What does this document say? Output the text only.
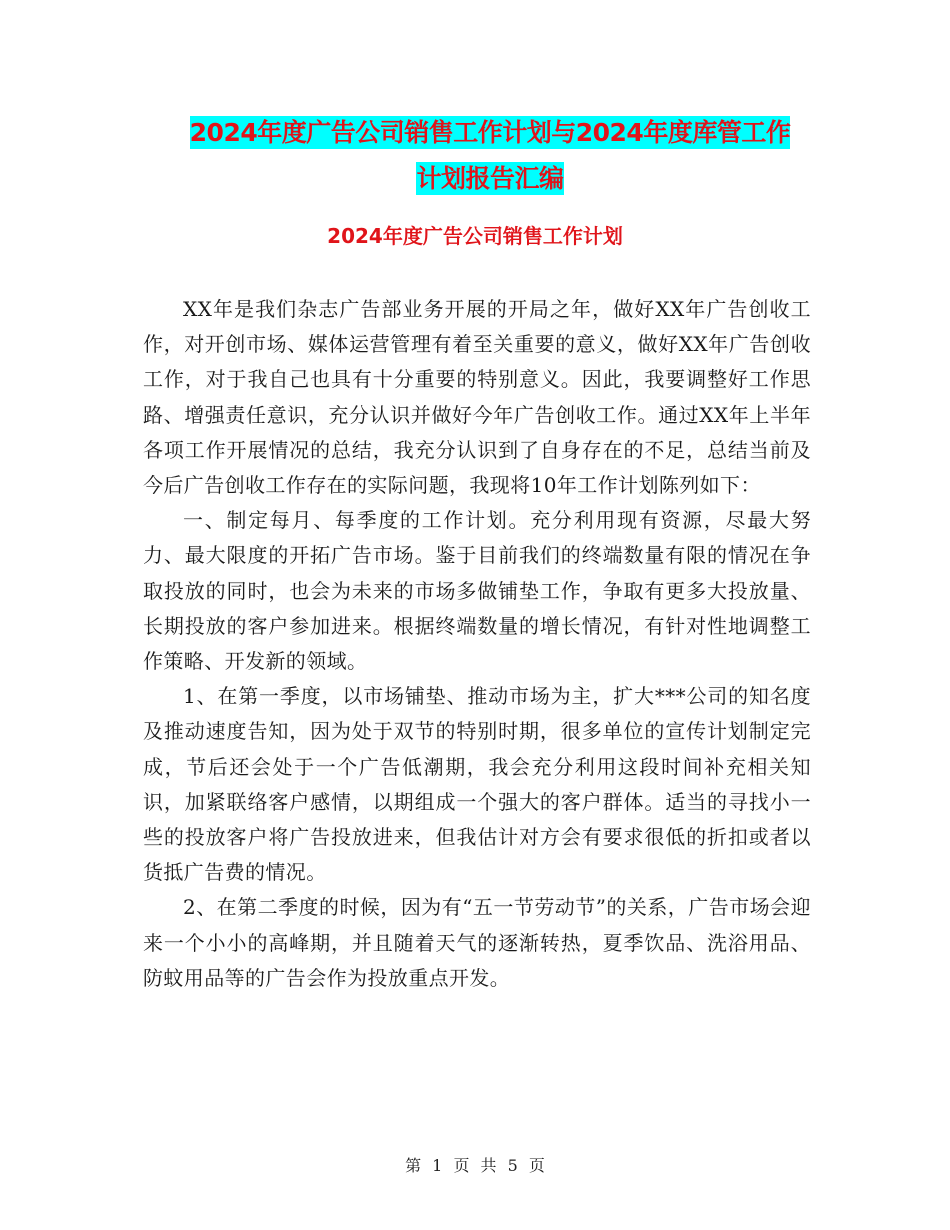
2024年度广告公司销售工作计划与2024年度库管工作
计划报告汇编
2024年度广告公司销售工作计划

XX年是我们杂志广告部业务开展的开局之年，做好XX年广告创收工作，对开创市场、媒体运营管理有着至关重要的意义，做好XX年广告创收工作，对于我自己也具有十分重要的特别意义。因此，我要调整好工作思路、增强责任意识，充分认识并做好今年广告创收工作。通过XX年上半年各项工作开展情况的总结，我充分认识到了自身存在的不足，总结当前及今后广告创收工作存在的实际问题，我现将10年工作计划陈列如下：

一、制定每月、每季度的工作计划。充分利用现有资源，尽最大努力、最大限度的开拓广告市场。鉴于目前我们的终端数量有限的情况在争取投放的同时，也会为未来的市场多做铺垫工作，争取有更多大投放量、长期投放的客户参加进来。根据终端数量的增长情况，有针对性地调整工作策略、开发新的领域。

1、在第一季度，以市场铺垫、推动市场为主，扩大***公司的知名度及推动速度告知，因为处于双节的特别时期，很多单位的宣传计划制定完成，节后还会处于一个广告低潮期，我会充分利用这段时间补充相关知识，加紧联络客户感情，以期组成一个强大的客户群体。适当的寻找小一些的投放客户将广告投放进来，但我估计对方会有要求很低的折扣或者以货抵广告费的情况。

2、在第二季度的时候，因为有“五一节劳动节”的关系，广告市场会迎来一个小小的高峰期，并且随着天气的逐渐转热，夏季饮品、洗浴用品、防蚊用品等的广告会作为投放重点开发。

第 1 页 共 5 页
